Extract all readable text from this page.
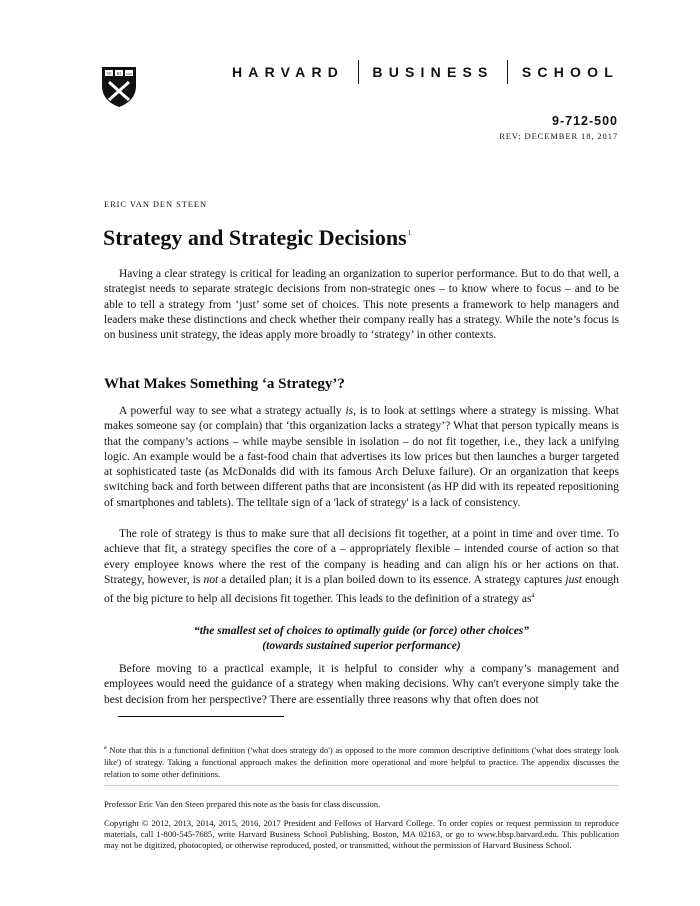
VE RI TAS	HARVARD BUSINESS SCHOOL
9-712-500
REV: DECEMBER 18, 2017
ERIC VAN DEN STEEN
Strategy and Strategic Decisions$^1$

Having a clear strategy is critical for leading an organization to superior performance. But to do that well, a strategist needs to separate strategic decisions from non-strategic ones – to know where to focus – and to be able to tell a strategy from ‘just’ some set of choices. This note presents a framework to help managers and leaders make these distinctions and check whether their company really has a strategy. While the note’s focus is on business unit strategy, the ideas apply more broadly to ‘strategy’ in other contexts.

What Makes Something ‘a Strategy’?

A powerful way to see what a strategy actually is, is to look at settings where a strategy is missing. What makes someone say (or complain) that ‘this organization lacks a strategy’? What that person typically means is that the company’s actions – while maybe sensible in isolation – do not fit together, i.e., they lack a unifying logic. An example would be a fast-food chain that advertises its low prices but then launches a burger targeted at sophisticated taste (as McDonalds did with its famous Arch Deluxe failure). Or an organization that keeps switching back and forth between different paths that are inconsistent (as HP did with its repeated repositioning of smartphones and tablets). The telltale sign of a 'lack of strategy' is a lack of consistency.

The role of strategy is thus to make sure that all decisions fit together, at a point in time and over time. To achieve that fit, a strategy specifies the core of a – appropriately flexible – intended course of action so that every employee knows where the rest of the company is heading and can align his or her actions on that. Strategy, however, is not a detailed plan; it is a plan boiled down to its essence. A strategy captures just enough of the big picture to help all decisions fit together. This leads to the definition of a strategy as$^a$

“the smallest set of choices to optimally guide (or force) other choices”
(towards sustained superior performance)

Before moving to a practical example, it is helpful to consider why a company’s management and employees would need the guidance of a strategy when making decisions. Why can't everyone simply take the best decision from her perspective? There are essentially three reasons why that often does not

$^a$ Note that this is a functional definition ('what does strategy do') as opposed to the more common descriptive definitions ('what does strategy look like') of strategy. Taking a functional approach makes the definition more operational and more helpful to practice. The appendix discusses the relation to some other definitions.

Professor Eric Van den Steen prepared this note as the basis for class discussion.

Copyright © 2012, 2013, 2014, 2015, 2016, 2017 President and Fellows of Harvard College. To order copies or request permission to reproduce materials, call 1-800-545-7685, write Harvard Business School Publishing, Boston, MA 02163, or go to www.hbsp.harvard.edu. This publication may not be digitized, photocopied, or otherwise reproduced, posted, or transmitted, without the permission of Harvard Business School.
